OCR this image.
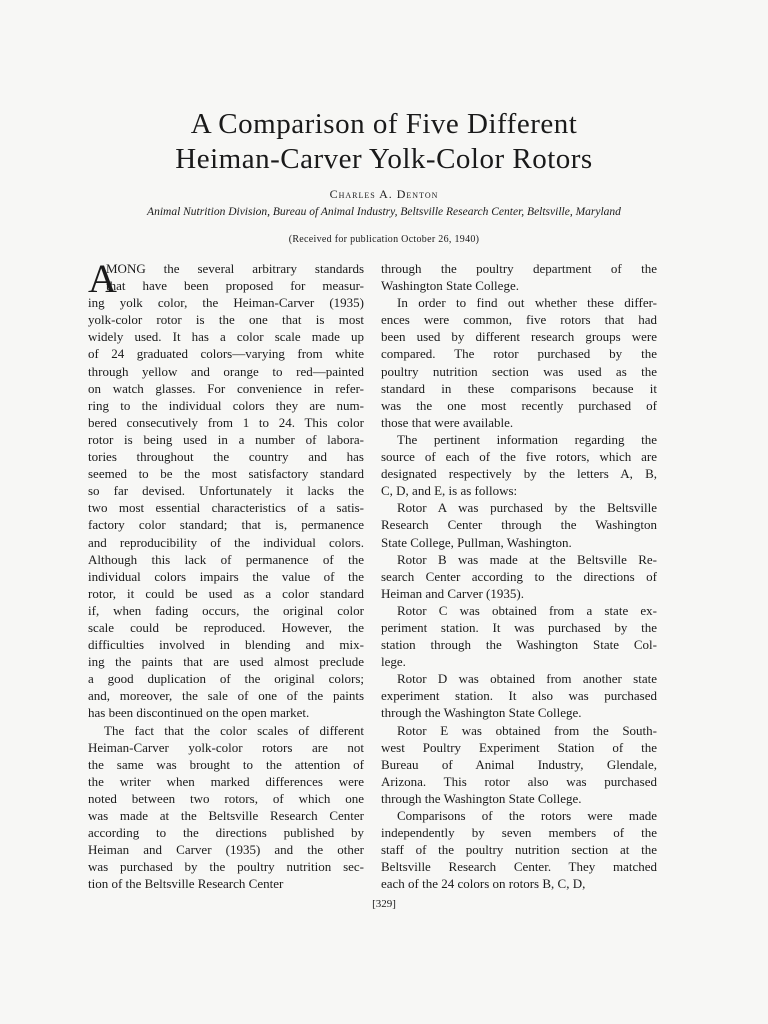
A Comparison of Five Different
Heiman-Carver Yolk-Color Rotors
Charles A. Denton
Animal Nutrition Division, Bureau of Animal Industry, Beltsville Research Center, Beltsville, Maryland
(Received for publication October 26, 1940)
A
MONG the several arbitrary standards
that have been proposed for measur-
ing yolk color, the Heiman-Carver (1935)
yolk-color rotor is the one that is most
widely used. It has a color scale made up
of 24 graduated colors—varying from white
through yellow and orange to red—painted
on watch glasses. For convenience in refer-
ring to the individual colors they are num-
bered consecutively from 1 to 24. This color
rotor is being used in a number of labora-
tories throughout the country and has
seemed to be the most satisfactory standard
so far devised. Unfortunately it lacks the
two most essential characteristics of a satis-
factory color standard; that is, permanence
and reproducibility of the individual colors.
Although this lack of permanence of the
individual colors impairs the value of the
rotor, it could be used as a color standard
if, when fading occurs, the original color
scale could be reproduced. However, the
difficulties involved in blending and mix-
ing the paints that are used almost preclude
a good duplication of the original colors;
and, moreover, the sale of one of the paints
has been discontinued on the open market.
The fact that the color scales of different
Heiman-Carver yolk-color rotors are not
the same was brought to the attention of
the writer when marked differences were
noted between two rotors, of which one
was made at the Beltsville Research Center
according to the directions published by
Heiman and Carver (1935) and the other
was purchased by the poultry nutrition sec-
tion of the Beltsville Research Center
through the poultry department of the
Washington State College.
In order to find out whether these differ-
ences were common, five rotors that had
been used by different research groups were
compared. The rotor purchased by the
poultry nutrition section was used as the
standard in these comparisons because it
was the one most recently purchased of
those that were available.
The pertinent information regarding the
source of each of the five rotors, which are
designated respectively by the letters A, B,
C, D, and E, is as follows:
Rotor A was purchased by the Beltsville
Research Center through the Washington
State College, Pullman, Washington.
Rotor B was made at the Beltsville Re-
search Center according to the directions of
Heiman and Carver (1935).
Rotor C was obtained from a state ex-
periment station. It was purchased by the
station through the Washington State Col-
lege.
Rotor D was obtained from another state
experiment station. It also was purchased
through the Washington State College.
Rotor E was obtained from the South-
west Poultry Experiment Station of the
Bureau of Animal Industry, Glendale,
Arizona. This rotor also was purchased
through the Washington State College.
Comparisons of the rotors were made
independently by seven members of the
staff of the poultry nutrition section at the
Beltsville Research Center. They matched
each of the 24 colors on rotors B, C, D,
[329]
